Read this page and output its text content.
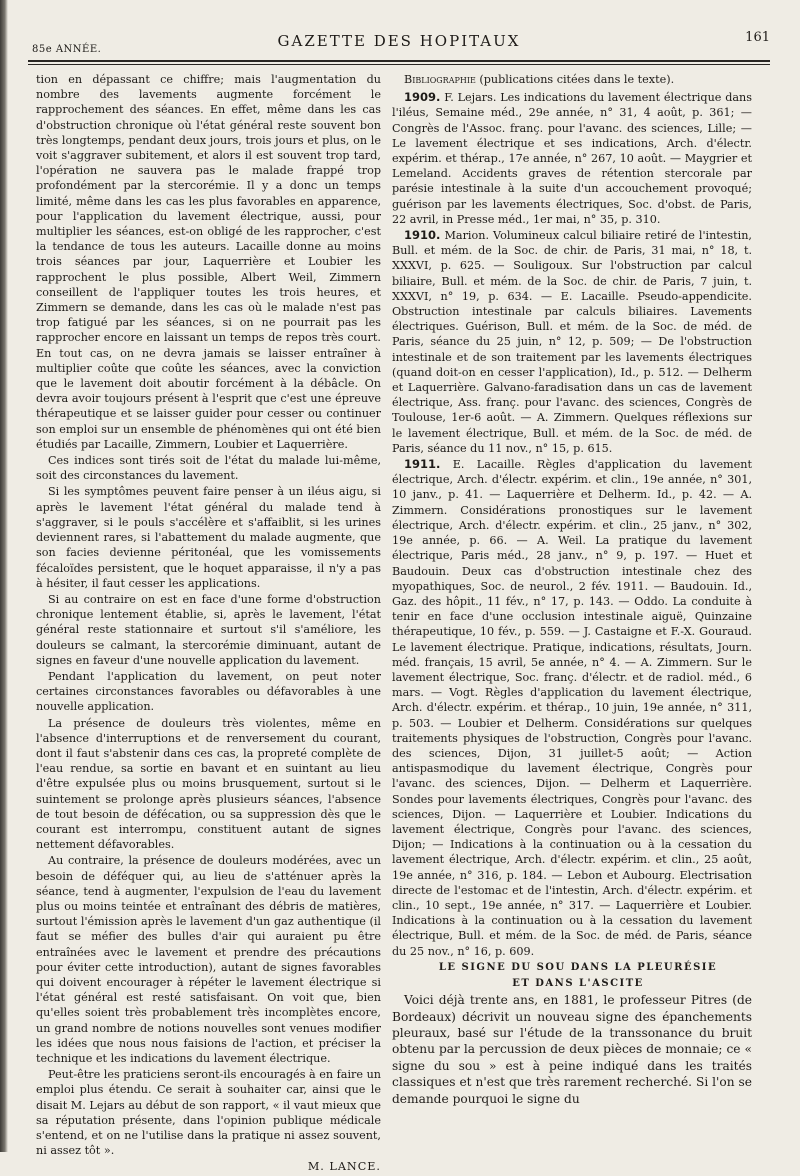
85e ANNÉE.	GAZETTE DES HOPITAUX	161

tion en dépassant ce chiffre; mais l'augmentation du nombre des lavements augmente forcément le rapprochement des séances. En effet, même dans les cas d'obstruction chronique où l'état général reste souvent bon très longtemps, pendant deux jours, trois jours et plus, on le voit s'aggraver subitement, et alors il est souvent trop tard, l'opération ne sauvera pas le malade frappé trop profondément par la stercorémie. Il y a donc un temps limité, même dans les cas les plus favorables en apparence, pour l'application du lavement électrique, aussi, pour multiplier les séances, est-on obligé de les rapprocher, c'est la tendance de tous les auteurs. Lacaille donne au moins trois séances par jour, Laquerrière et Loubier les rapprochent le plus possible, Albert Weil, Zimmern conseillent de l'appliquer toutes les trois heures, et Zimmern se demande, dans les cas où le malade n'est pas trop fatigué par les séances, si on ne pourrait pas les rapprocher encore en laissant un temps de repos très court. En tout cas, on ne devra jamais se laisser entraîner à multiplier coûte que coûte les séances, avec la conviction que le lavement doit aboutir forcément à la débâcle. On devra avoir toujours présent à l'esprit que c'est une épreuve thérapeutique et se laisser guider pour cesser ou continuer son emploi sur un ensemble de phénomènes qui ont été bien étudiés par Lacaille, Zimmern, Loubier et Laquerrière.

Ces indices sont tirés soit de l'état du malade lui-même, soit des circonstances du lavement.

Si les symptômes peuvent faire penser à un iléus aigu, si après le lavement l'état général du malade tend à s'aggraver, si le pouls s'accélère et s'affaiblit, si les urines deviennent rares, si l'abattement du malade augmente, que son facies devienne péritonéal, que les vomissements fécaloïdes persistent, que le hoquet apparaisse, il n'y a pas à hésiter, il faut cesser les applications.

Si au contraire on est en face d'une forme d'obstruction chronique lentement établie, si, après le lavement, l'état général reste stationnaire et surtout s'il s'améliore, les douleurs se calmant, la stercorémie diminuant, autant de signes en faveur d'une nouvelle application du lavement.

Pendant l'application du lavement, on peut noter certaines circonstances favorables ou défavorables à une nouvelle application.

La présence de douleurs très violentes, même en l'absence d'interruptions et de renversement du courant, dont il faut s'abstenir dans ces cas, la propreté complète de l'eau rendue, sa sortie en bavant et en suintant au lieu d'être expulsée plus ou moins brusquement, surtout si le suintement se prolonge après plusieurs séances, l'absence de tout besoin de défécation, ou sa suppression dès que le courant est interrompu, constituent autant de signes nettement défavorables.

Au contraire, la présence de douleurs modérées, avec un besoin de déféquer qui, au lieu de s'atténuer après la séance, tend à augmenter, l'expulsion de l'eau du lavement plus ou moins teintée et entraînant des débris de matières, surtout l'émission après le lavement d'un gaz authentique (il faut se méfier des bulles d'air qui auraient pu être entraînées avec le lavement et prendre des précautions pour éviter cette introduction), autant de signes favorables qui doivent encourager à répéter le lavement électrique si l'état général est resté satisfaisant. On voit que, bien qu'elles soient très probablement très incomplètes encore, un grand nombre de notions nouvelles sont venues modifier les idées que nous nous faisions de l'action, et préciser la technique et les indications du lavement électrique.

Peut-être les praticiens seront-ils encouragés à en faire un emploi plus étendu. Ce serait à souhaiter car, ainsi que le disait M. Lejars au début de son rapport, « il vaut mieux que sa réputation présente, dans l'opinion publique médicale s'entend, et on ne l'utilise dans la pratique ni assez souvent, ni assez tôt ».

M. LANCE.

Bibliographie (publications citées dans le texte).

1909. F. Lejars. Les indications du lavement électrique dans l'iléus, Semaine méd., 29e année, n° 31, 4 août, p. 361; — Congrès de l'Assoc. franç. pour l'avanc. des sciences, Lille; — Le lavement électrique et ses indications, Arch. d'électr. expérim. et thérap., 17e année, n° 267, 10 août. — Maygrier et Lemeland. Accidents graves de rétention stercorale par parésie intestinale à la suite d'un accouchement provoqué; guérison par les lavements électriques, Soc. d'obst. de Paris, 22 avril, in Presse méd., 1er mai, n° 35, p. 310.

1910. Marion. Volumineux calcul biliaire retiré de l'intestin, Bull. et mém. de la Soc. de chir. de Paris, 31 mai, n° 18, t. XXXVI, p. 625. — Souligoux. Sur l'obstruction par calcul biliaire, Bull. et mém. de la Soc. de chir. de Paris, 7 juin, t. XXXVI, n° 19, p. 634. — E. Lacaille. Pseudo-appendicite. Obstruction intestinale par calculs biliaires. Lavements électriques. Guérison, Bull. et mém. de la Soc. de méd. de Paris, séance du 25 juin, n° 12, p. 509; — De l'obstruction intestinale et de son traitement par les lavements électriques (quand doit-on en cesser l'application), Id., p. 512. — Delherm et Laquerrière. Galvano-faradisation dans un cas de lavement électrique, Ass. franç. pour l'avanc. des sciences, Congrès de Toulouse, 1er-6 août. — A. Zimmern. Quelques réflexions sur le lavement électrique, Bull. et mém. de la Soc. de méd. de Paris, séance du 11 nov., n° 15, p. 615.

1911. E. Lacaille. Règles d'application du lavement électrique, Arch. d'électr. expérim. et clin., 19e année, n° 301, 10 janv., p. 41. — Laquerrière et Delherm. Id., p. 42. — A. Zimmern. Considérations pronostiques sur le lavement électrique, Arch. d'électr. expérim. et clin., 25 janv., n° 302, 19e année, p. 66. — A. Weil. La pratique du lavement électrique, Paris méd., 28 janv., n° 9, p. 197. — Huet et Baudouin. Deux cas d'obstruction intestinale chez des myopathiques, Soc. de neurol., 2 fév. 1911. — Baudouin. Id., Gaz. des hôpit., 11 fév., n° 17, p. 143. — Oddo. La conduite à tenir en face d'une occlusion intestinale aiguë, Quinzaine thérapeutique, 10 fév., p. 559. — J. Castaigne et F.-X. Gouraud. Le lavement électrique. Pratique, indications, résultats, Journ. méd. français, 15 avril, 5e année, n° 4. — A. Zimmern. Sur le lavement électrique, Soc. franç. d'électr. et de radiol. méd., 6 mars. — Vogt. Règles d'application du lavement électrique, Arch. d'électr. expérim. et thérap., 10 juin, 19e année, n° 311, p. 503. — Loubier et Delherm. Considérations sur quelques traitements physiques de l'obstruction, Congrès pour l'avanc. des sciences, Dijon, 31 juillet-5 août; — Action antispasmodique du lavement électrique, Congrès pour l'avanc. des sciences, Dijon. — Delherm et Laquerrière. Sondes pour lavements électriques, Congrès pour l'avanc. des sciences, Dijon. — Laquerrière et Loubier. Indications du lavement électrique, Congrès pour l'avanc. des sciences, Dijon; — Indications à la continuation ou à la cessation du lavement électrique, Arch. d'électr. expérim. et clin., 25 août, 19e année, n° 316, p. 184. — Lebon et Aubourg. Electrisation directe de l'estomac et de l'intestin, Arch. d'électr. expérim. et clin., 10 sept., 19e année, n° 317. — Laquerrière et Loubier. Indications à la continuation ou à la cessation du lavement électrique, Bull. et mém. de la Soc. de méd. de Paris, séance du 25 nov., n° 16, p. 609.

LE SIGNE DU SOU DANS LA PLEURÉSIE

ET DANS L'ASCITE

Voici déjà trente ans, en 1881, le professeur Pitres (de Bordeaux) décrivit un nouveau signe des épanchements pleuraux, basé sur l'étude de la transsonance du bruit obtenu par la percussion de deux pièces de monnaie; ce « signe du sou » est à peine indiqué dans les traités classiques et n'est que très rarement recherché. Si l'on se demande pourquoi le signe du
